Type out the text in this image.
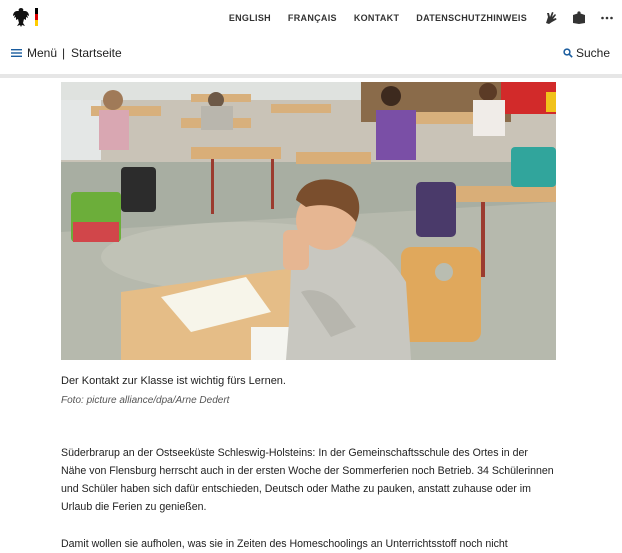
ENGLISH FRANÇAIS KONTAKT DATENSCHUTZHINWEIS
Menü | Startseite	Suche
Der Kontakt zur Klasse ist wichtig fürs Lernen.
Foto: picture alliance/dpa/Arne Dedert

Süderbrarup an der Ostseeküste Schleswig-Holsteins: In der Gemeinschaftsschule des Ortes in der Nähe von Flensburg herrscht auch in der ersten Woche der Sommerferien noch Betrieb. 34 Schülerinnen und Schüler haben sich dafür entschieden, Deutsch oder Mathe zu pauken, anstatt zuhause oder im Urlaub die Ferien zu genießen.

Damit wollen sie aufholen, was sie in Zeiten des Homeschoolings an Unterrichtsstoff noch nicht
